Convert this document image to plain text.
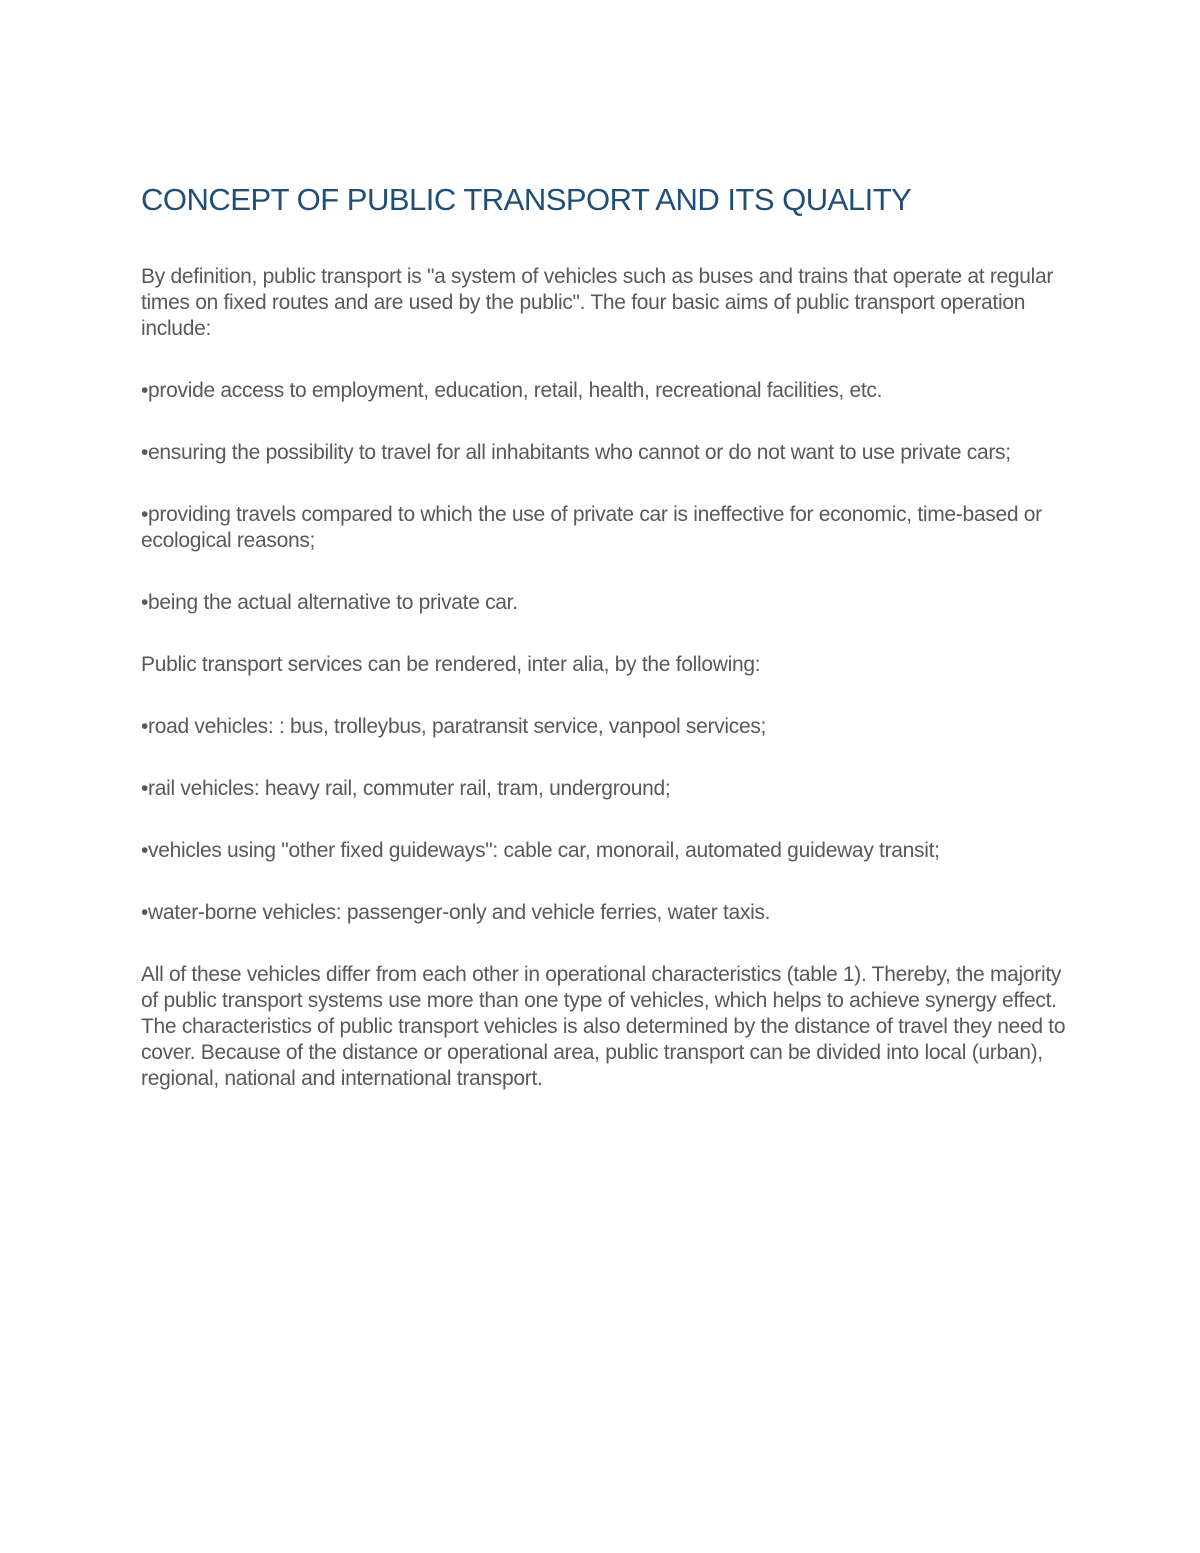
CONCEPT OF PUBLIC TRANSPORT AND ITS QUALITY

By definition, public transport is "a system of vehicles such as buses and trains that operate at regular times on fixed routes and are used by the public". The four basic aims of public transport operation include:

•provide access to employment, education, retail, health, recreational facilities, etc.

•ensuring the possibility to travel for all inhabitants who cannot or do not want to use private cars;

•providing travels compared to which the use of private car is ineffective for economic, time-based or ecological reasons;

•being the actual alternative to private car.

Public transport services can be rendered, inter alia, by the following:

•road vehicles: : bus, trolleybus, paratransit service, vanpool services;

•rail vehicles: heavy rail, commuter rail, tram, underground;

•vehicles using "other fixed guideways": cable car, monorail, automated guideway transit;

•water-borne vehicles: passenger-only and vehicle ferries, water taxis.

All of these vehicles differ from each other in operational characteristics (table 1). Thereby, the majority of public transport systems use more than one type of vehicles, which helps to achieve synergy effect. The characteristics of public transport vehicles is also determined by the distance of travel they need to cover. Because of the distance or operational area, public transport can be divided into local (urban), regional, national and international transport.
